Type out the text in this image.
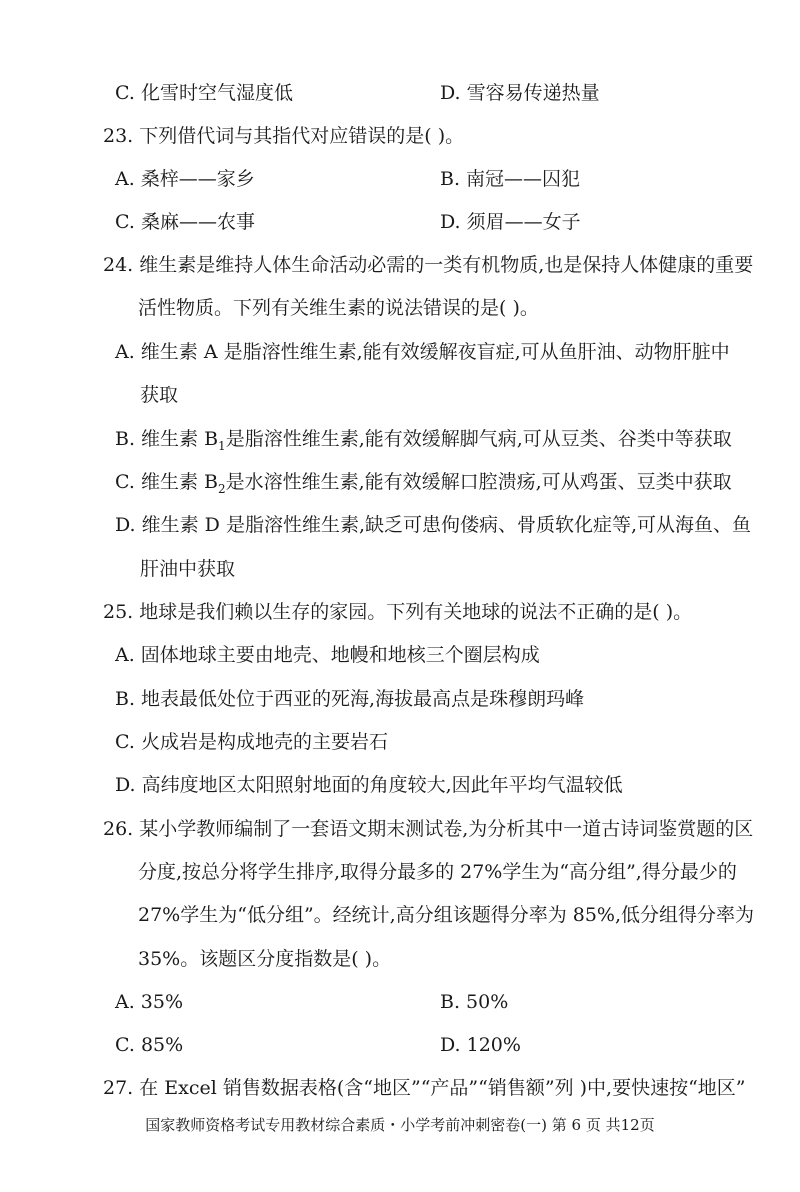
C. 化雪时空气湿度低	D. 雪容易传递热量
23. 下列借代词与其指代对应错误的是( )。
A. 桑梓——家乡	B. 南冠——囚犯
C. 桑麻——农事	D. 须眉——女子
24. 维生素是维持人体生命活动必需的一类有机物质,也是保持人体健康的重要
活性物质。下列有关维生素的说法错误的是( )。
A. 维生素 A 是脂溶性维生素,能有效缓解夜盲症,可从鱼肝油、动物肝脏中
获取
B. 维生素 $B_1$是脂溶性维生素,能有效缓解脚气病,可从豆类、谷类中等获取
C. 维生素 $B_2$是水溶性维生素,能有效缓解口腔溃疡,可从鸡蛋、豆类中获取
D. 维生素 D 是脂溶性维生素,缺乏可患佝偻病、骨质软化症等,可从海鱼、鱼
肝油中获取
25. 地球是我们赖以生存的家园。下列有关地球的说法不正确的是( )。
A. 固体地球主要由地壳、地幔和地核三个圈层构成
B. 地表最低处位于西亚的死海,海拔最高点是珠穆朗玛峰
C. 火成岩是构成地壳的主要岩石
D. 高纬度地区太阳照射地面的角度较大,因此年平均气温较低
26. 某小学教师编制了一套语文期末测试卷,为分析其中一道古诗词鉴赏题的区
分度,按总分将学生排序,取得分最多的 27%学生为“高分组”,得分最少的
27%学生为“低分组”。经统计,高分组该题得分率为 85%,低分组得分率为
35%。该题区分度指数是( )。
A. 35%	B. 50%
C. 85%	D. 120%
27. 在 Excel 销售数据表格(含“地区”“产品”“销售额”列 )中,要快速按“地区”
国家教师资格考试专用教材综合素质・小学考前冲刺密卷(一) 第 6 页 共12页
